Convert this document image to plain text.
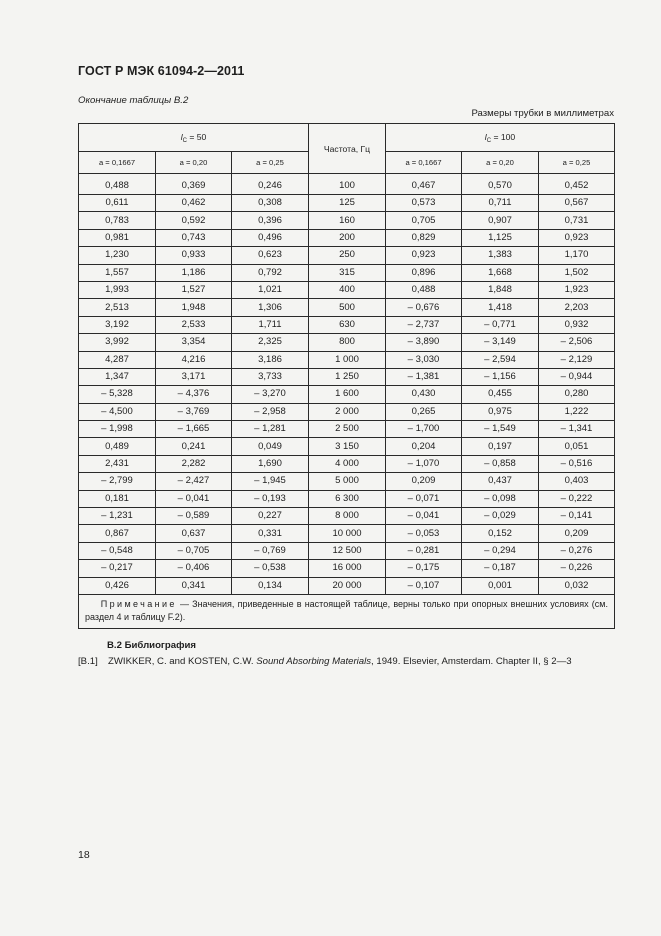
ГОСТ Р МЭК 61094-2—2011
Окончание таблицы В.2
Размеры трубки в миллиметрах
$l_C = 50$			Частота, Гц	$l_C = 100$		
a = 0,1667	a = 0,20	a = 0,25		a = 0,1667	a = 0,20	a = 0,25
0,488	0,369	0,246	100	0,467	0,570	0,452
0,611	0,462	0,308	125	0,573	0,711	0,567
0,783	0,592	0,396	160	0,705	0,907	0,731
0,981	0,743	0,496	200	0,829	1,125	0,923
1,230	0,933	0,623	250	0,923	1,383	1,170
1,557	1,186	0,792	315	0,896	1,668	1,502
1,993	1,527	1,021	400	0,488	1,848	1,923
2,513	1,948	1,306	500	– 0,676	1,418	2,203
3,192	2,533	1,711	630	– 2,737	– 0,771	0,932
3,992	3,354	2,325	800	– 3,890	– 3,149	– 2,506
4,287	4,216	3,186	1 000	– 3,030	– 2,594	– 2,129
1,347	3,171	3,733	1 250	– 1,381	– 1,156	– 0,944
– 5,328	– 4,376	– 3,270	1 600	0,430	0,455	0,280
– 4,500	– 3,769	– 2,958	2 000	0,265	0,975	1,222
– 1,998	– 1,665	– 1,281	2 500	– 1,700	– 1,549	– 1,341
0,489	0,241	0,049	3 150	0,204	0,197	0,051
2,431	2,282	1,690	4 000	– 1,070	– 0,858	– 0,516
– 2,799	– 2,427	– 1,945	5 000	0,209	0,437	0,403
0,181	– 0,041	– 0,193	6 300	– 0,071	– 0,098	– 0,222
– 1,231	– 0,589	0,227	8 000	– 0,041	– 0,029	– 0,141
0,867	0,637	0,331	10 000	– 0,053	0,152	0,209
– 0,548	– 0,705	– 0,769	12 500	– 0,281	– 0,294	– 0,276
– 0,217	– 0,406	– 0,538	16 000	– 0,175	– 0,187	– 0,226
0,426	0,341	0,134	20 000	– 0,107	0,001	0,032
Примечание — Значения, приведенные в настоящей таблице, верны только при опорных внешних условиях (см. раздел 4 и таблицу F.2).						
В.2 Библиография
[B.1] ZWIKKER, C. and KOSTEN, C.W. Sound Absorbing Materials, 1949. Elsevier, Amsterdam. Chapter II, § 2—3
18
